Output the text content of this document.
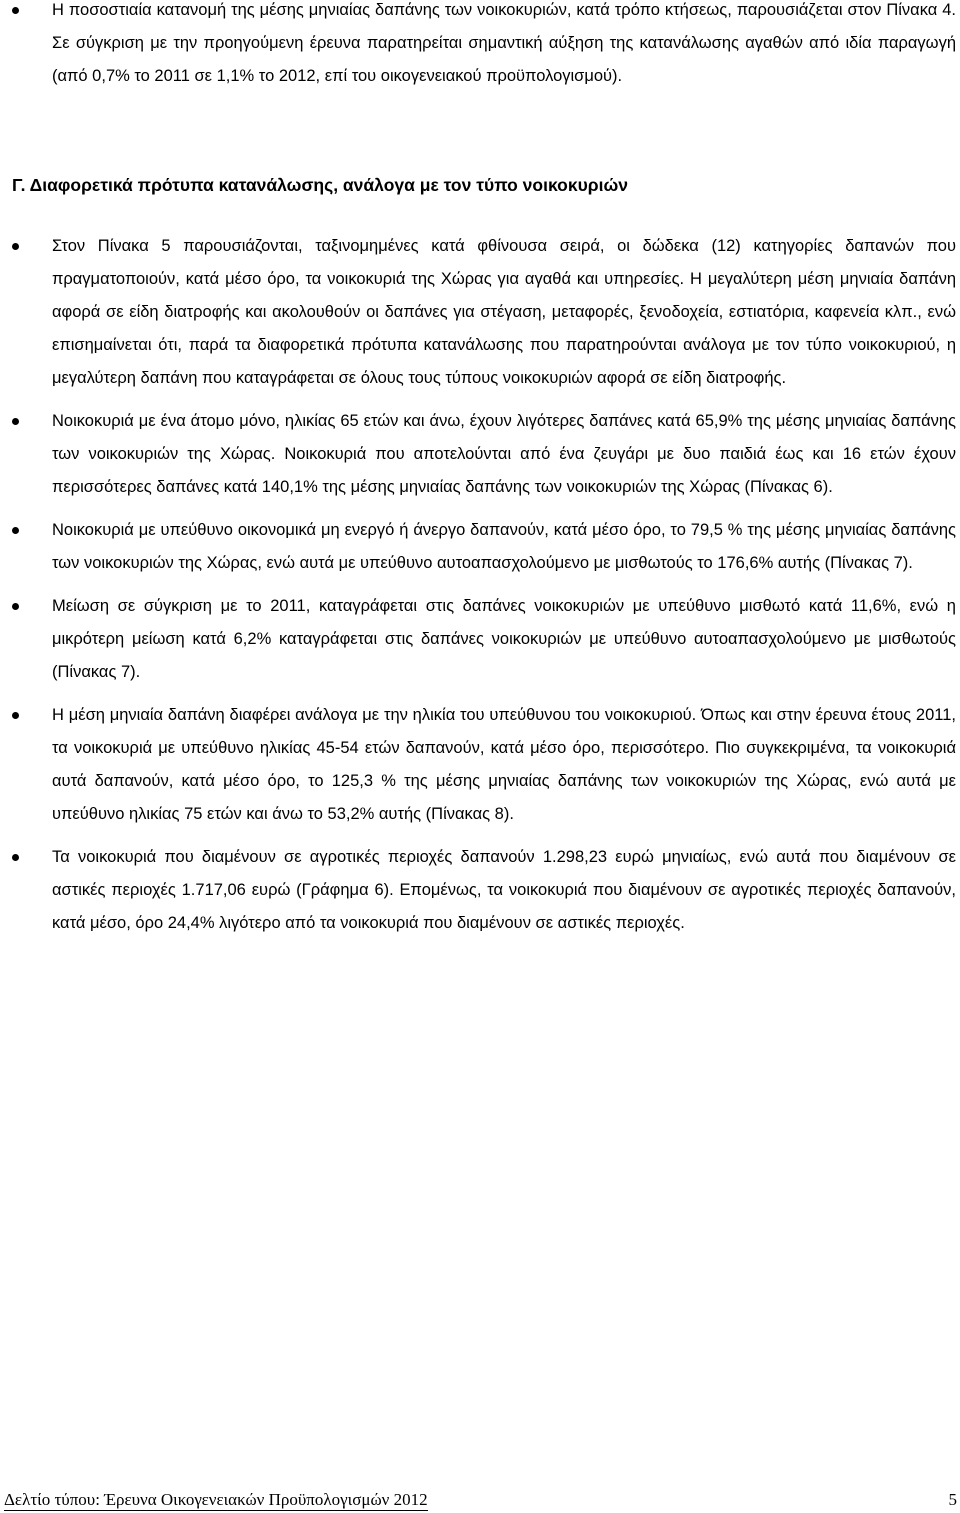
Η ποσοστιαία κατανομή της μέσης μηνιαίας δαπάνης των νοικοκυριών, κατά τρόπο κτήσεως, παρουσιάζεται στον Πίνακα 4. Σε σύγκριση με την προηγούμενη έρευνα παρατηρείται σημαντική αύξηση της κατανάλωσης αγαθών από ιδία παραγωγή (από 0,7% το 2011 σε 1,1% το 2012, επί του οικογενειακού προϋπολογισμού).
Γ. Διαφορετικά πρότυπα κατανάλωσης, ανάλογα με τον τύπο νοικοκυριών
Στον Πίνακα 5 παρουσιάζονται, ταξινομημένες κατά φθίνουσα σειρά, οι δώδεκα (12) κατηγορίες δαπανών που πραγματοποιούν, κατά μέσο όρο, τα νοικοκυριά της Χώρας για αγαθά και υπηρεσίες. Η μεγαλύτερη μέση μηνιαία δαπάνη αφορά σε είδη διατροφής και ακολουθούν οι δαπάνες για στέγαση, μεταφορές, ξενοδοχεία, εστιατόρια, καφενεία κλπ., ενώ επισημαίνεται ότι, παρά τα διαφορετικά πρότυπα κατανάλωσης που παρατηρούνται ανάλογα με τον τύπο νοικοκυριού, η μεγαλύτερη δαπάνη που καταγράφεται σε όλους τους τύπους νοικοκυριών αφορά σε είδη διατροφής.
Νοικοκυριά με ένα άτομο μόνο, ηλικίας 65 ετών και άνω, έχουν λιγότερες δαπάνες κατά 65,9% της μέσης μηνιαίας δαπάνης των νοικοκυριών της Χώρας. Νοικοκυριά που αποτελούνται από ένα ζευγάρι με δυο παιδιά έως και 16 ετών έχουν περισσότερες δαπάνες κατά 140,1% της μέσης μηνιαίας δαπάνης των νοικοκυριών της Χώρας (Πίνακας 6).
Νοικοκυριά με υπεύθυνο οικονομικά μη ενεργό ή άνεργο δαπανούν, κατά μέσο όρο, το 79,5 % της μέσης μηνιαίας δαπάνης των νοικοκυριών της Χώρας, ενώ αυτά με υπεύθυνο αυτοαπασχολούμενο με μισθωτούς το 176,6% αυτής (Πίνακας 7).
Μείωση σε σύγκριση με το 2011, καταγράφεται στις δαπάνες νοικοκυριών με υπεύθυνο μισθωτό κατά 11,6%, ενώ η μικρότερη μείωση κατά 6,2% καταγράφεται στις δαπάνες νοικοκυριών με υπεύθυνο αυτοαπασχολούμενο με μισθωτούς (Πίνακας 7).
Η μέση μηνιαία δαπάνη διαφέρει ανάλογα με την ηλικία του υπεύθυνου του νοικοκυριού. Όπως και στην έρευνα έτους 2011, τα νοικοκυριά με υπεύθυνο ηλικίας 45-54 ετών δαπανούν, κατά μέσο όρο, περισσότερο. Πιο συγκεκριμένα, τα νοικοκυριά αυτά δαπανούν, κατά μέσο όρο, το 125,3 % της μέσης μηνιαίας δαπάνης των νοικοκυριών της Χώρας, ενώ αυτά με υπεύθυνο ηλικίας 75 ετών και άνω το 53,2% αυτής (Πίνακας 8).
Τα νοικοκυριά που διαμένουν σε αγροτικές περιοχές δαπανούν 1.298,23 ευρώ μηνιαίως, ενώ αυτά που διαμένουν σε αστικές περιοχές 1.717,06 ευρώ (Γράφημα 6). Επομένως, τα νοικοκυριά που διαμένουν σε αγροτικές περιοχές δαπανούν, κατά μέσο, όρο 24,4% λιγότερο από τα νοικοκυριά που διαμένουν σε αστικές περιοχές.
Δελτίο τύπου: Έρευνα Οικογενειακών Προϋπολογισμών 2012	5
